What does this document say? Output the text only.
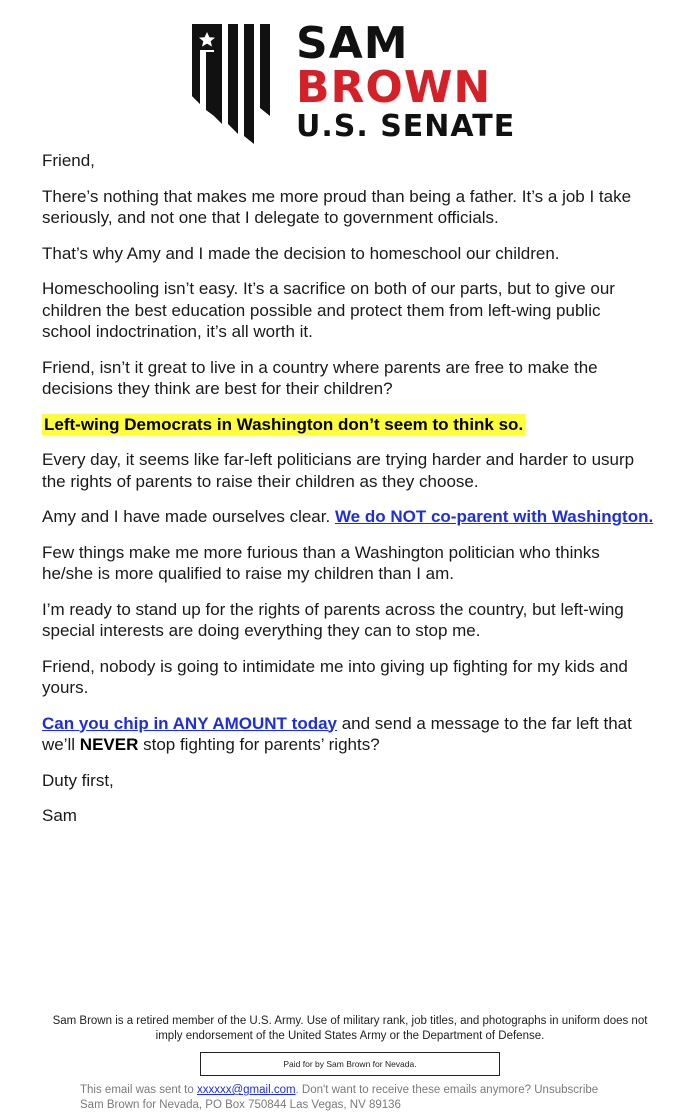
SAM
BROWN
U.S. SENATE

Friend,

There’s nothing that makes me more proud than being a father. It’s a job I take seriously, and not one that I delegate to government officials.

That’s why Amy and I made the decision to homeschool our children.

Homeschooling isn’t easy. It’s a sacrifice on both of our parts, but to give our children the best education possible and protect them from left-wing public school indoctrination, it’s all worth it.

Friend, isn’t it great to live in a country where parents are free to make the decisions they think are best for their children?

Left-wing Democrats in Washington don’t seem to think so.

Every day, it seems like far-left politicians are trying harder and harder to usurp the rights of parents to raise their children as they choose.

Amy and I have made ourselves clear. We do NOT co-parent with Washington.

Few things make me more furious than a Washington politician who thinks he/she is more qualified to raise my children than I am.

I’m ready to stand up for the rights of parents across the country, but left-wing special interests are doing everything they can to stop me.

Friend, nobody is going to intimidate me into giving up fighting for my kids and yours.

Can you chip in ANY AMOUNT today and send a message to the far left that we’ll NEVER stop fighting for parents’ rights?

Duty first,

Sam

Sam Brown is a retired member of the U.S. Army. Use of military rank, job titles, and photographs in uniform does not imply endorsement of the United States Army or the Department of Defense.
Paid for by Sam Brown for Nevada.
This email was sent to xxxxxx@gmail.com. Don't want to receive these emails anymore? Unsubscribe
Sam Brown for Nevada, PO Box 750844 Las Vegas, NV 89136
